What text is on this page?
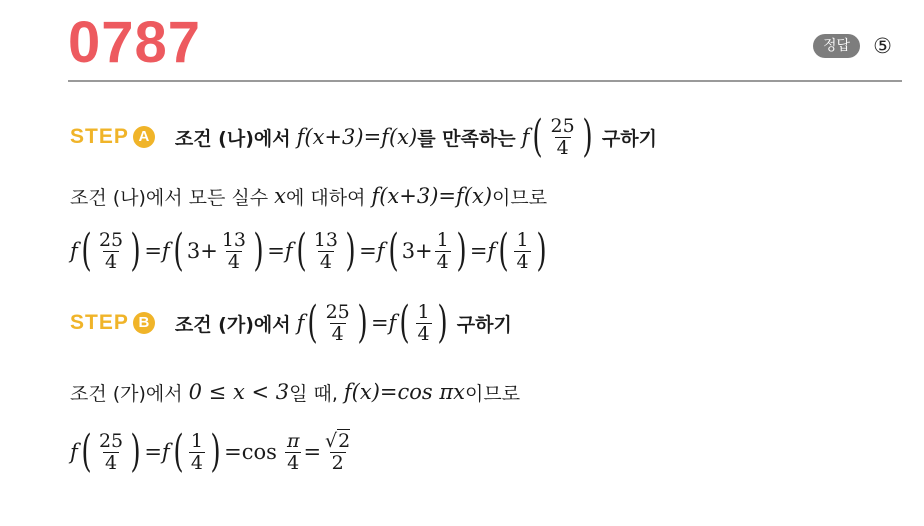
0787	정답 ⑤
STEP A 조건 (나)에서 f(x+3)=f(x) 를 만족하는 f ( $\frac{25}{4}$ ) 구하기
조건 (나)에서 모든 실수 x 에 대하여 f(x+3)=f(x) 이므로
f ( $\frac{25}{4}$ ) = f ( $3+ \frac{13}{4}$ ) = f ( $\frac{13}{4}$ ) = f ( $3+ \frac{1}{4}$ ) = f ( $\frac{1}{4}$ )
STEP B 조건 (가)에서 f ( $\frac{25}{4}$ ) = f ( $\frac{1}{4}$ ) 구하기
조건 (가)에서 0 ≤ x < 3 일 때, f(x)=cos πx 이므로
f ( $\frac{25}{4}$ ) = f ( $\frac{1}{4}$ ) = $\cos \frac{\pi}{4} = \frac{√2}{2}$
